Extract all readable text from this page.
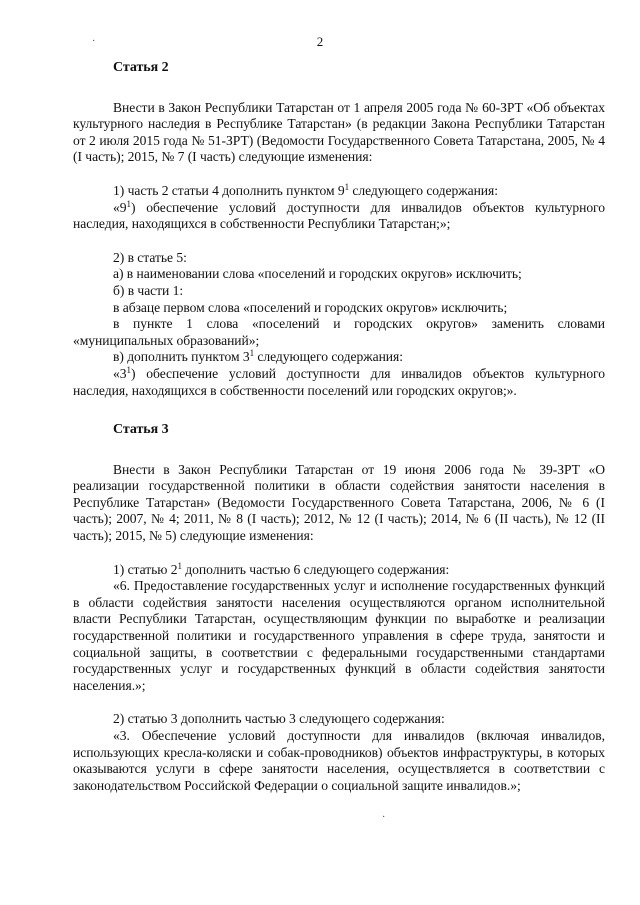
·
·
2

Статья 2

Внести в Закон Республики Татарстан от 1 апреля 2005 года № 60-ЗРТ «Об объектах культурного наследия в Республике Татарстан» (в редакции Закона Республики Татарстан от 2 июля 2015 года № 51-ЗРТ) (Ведомости Государственного Совета Татарстана, 2005, № 4 (I часть); 2015, № 7 (I часть) следующие изменения:

1) часть 2 статьи 4 дополнить пунктом $9^1$ следующего содержания:

«$9^1$) обеспечение условий доступности для инвалидов объектов культурного наследия, находящихся в собственности Республики Татарстан;»;

2) в статье 5:

а) в наименовании слова «поселений и городских округов» исключить;

б) в части 1:

в абзаце первом слова «поселений и городских округов» исключить;

в пункте 1 слова «поселений и городских округов» заменить словами «муниципальных образований»;

в) дополнить пунктом $3^1$ следующего содержания:

«$3^1$) обеспечение условий доступности для инвалидов объектов культурного наследия, находящихся в собственности поселений или городских округов;».

Статья 3

Внести в Закон Республики Татарстан от 19 июня 2006 года № 39-ЗРТ «О реализации государственной политики в области содействия занятости населения в Республике Татарстан» (Ведомости Государственного Совета Татарстана, 2006, № 6 (I часть); 2007, № 4; 2011, № 8 (I часть); 2012, № 12 (I часть); 2014, № 6 (II часть), № 12 (II часть); 2015, № 5) следующие изменения:

1) статью $2^1$ дополнить частью 6 следующего содержания:

«6. Предоставление государственных услуг и исполнение государственных функций в области содействия занятости населения осуществляются органом исполнительной власти Республики Татарстан, осуществляющим функции по выработке и реализации государственной политики и государственного управления в сфере труда, занятости и социальной защиты, в соответствии с федеральными государственными стандартами государственных услуг и государственных функций в области содействия занятости населения.»;

2) статью 3 дополнить частью 3 следующего содержания:

«3. Обеспечение условий доступности для инвалидов (включая инвалидов, использующих кресла-коляски и собак-проводников) объектов инфраструктуры, в которых оказываются услуги в сфере занятости населения, осуществляется в соответствии с законодательством Российской Федерации о социальной защите инвалидов.»;
